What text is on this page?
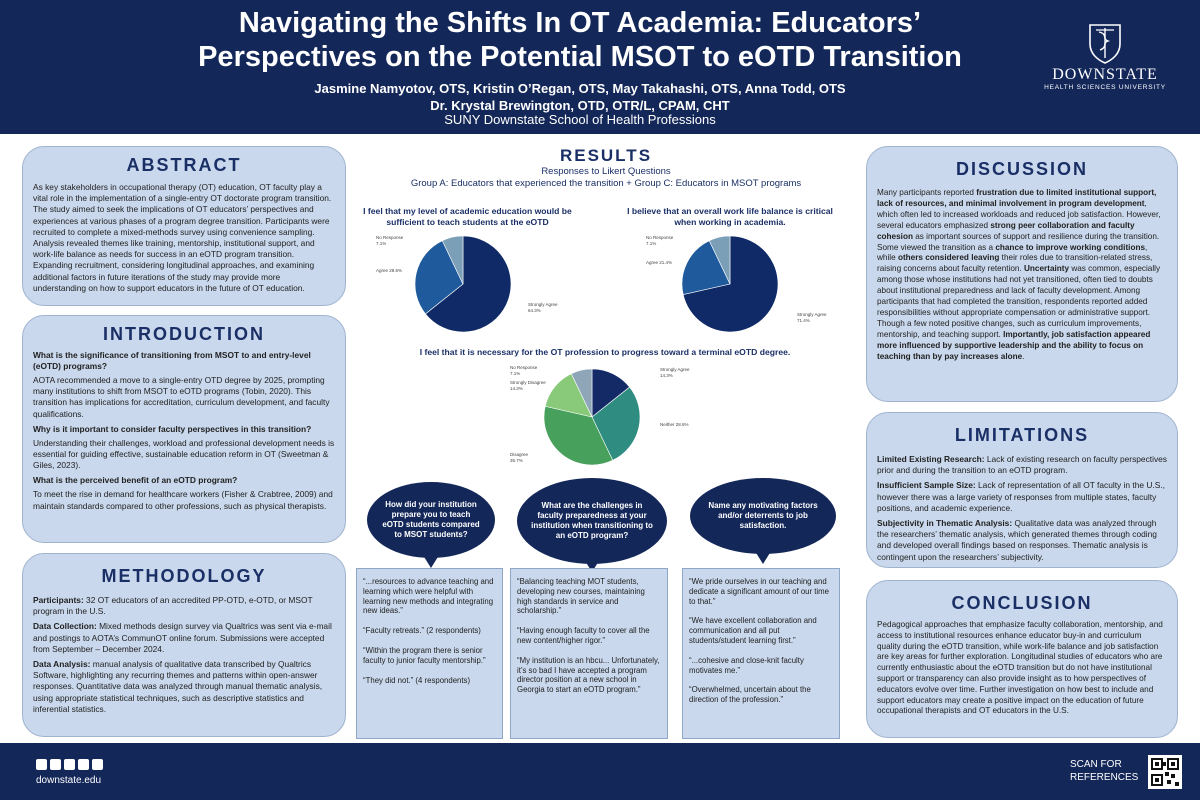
Navigating the Shifts In OT Academia: Educators’
Perspectives on the Potential MSOT to eOTD Transition
Jasmine Namyotov, OTS, Kristin O’Regan, OTS, May Takahashi, OTS, Anna Todd, OTS
Dr. Krystal Brewington, OTD, OTR/L, CPAM, CHT
SUNY Downstate School of Health Professions
DOWNSTATE
HEALTH SCIENCES UNIVERSITY
ABSTRACT
As key stakeholders in occupational therapy (OT) education, OT faculty play a vital role in the implementation of a single-entry OT doctorate program transition. The study aimed to seek the implications of OT educators’ perspectives and experiences at various phases of a program degree transition. Participants were recruited to complete a mixed-methods survey using convenience sampling. Analysis revealed themes like training, mentorship, institutional support, and work-life balance as needs for success in an eOTD program transition. Expanding recruitment, considering longitudinal approaches, and examining additional factors in future iterations of the study may provide more understanding on how to support educators in the future of OT education.
INTRODUCTION
What is the significance of transitioning from MSOT to and entry-level (eOTD) programs?

AOTA recommended a move to a single-entry OTD degree by 2025, prompting many institutions to shift from MSOT to eOTD programs (Tobin, 2020). This transition has implications for accreditation, curriculum development, and faculty qualifications.

Why is it important to consider faculty perspectives in this transition?

Understanding their challenges, workload and professional development needs is essential for guiding effective, sustainable education reform in OT (Sweetman & Giles, 2023).

What is the perceived benefit of an eOTD program?

To meet the rise in demand for healthcare workers (Fisher & Crabtree, 2009) and maintain standards compared to other professions, such as physical therapists.

METHODOLOGY

Participants: 32 OT educators of an accredited PP-OTD, e-OTD, or MSOT program in the U.S.

Data Collection: Mixed methods design survey via Qualtrics was sent via e-mail and postings to AOTA’s CommunOT online forum. Submissions were accepted from September – December 2024.

Data Analysis: manual analysis of qualitative data transcribed by Qualtrics Software, highlighting any recurring themes and patterns within open-answer responses. Quantitative data was analyzed through manual thematic analysis, using appropriate statistical techniques, such as descriptive statistics and inferential statistics.

RESULTS
Responses to Likert Questions
Group A: Educators that experienced the transition + Group C: Educators in MSOT programs
I feel that my level of academic education would be sufficient to teach students at the eOTD
I believe that an overall work life balance is critical when working in academia.
I feel that it is necessary for the OT profession to progress toward a terminal eOTD degree.
No Response 7.1%
Agree 28.6%
Strongly Agree 64.3%
No Response 7.1%
Agree 21.4%
Strongly Agree 71.4%
No Response 7.1%
Strongly Disagree 14.3%
Strongly Agree 14.3%
Neither 28.6%
Disagree 35.7%
How did your institution prepare you to teach eOTD students compared to MSOT students?
What are the challenges in faculty preparedness at your institution when transitioning to an eOTD program?
Name any motivating factors and/or deterrents to job satisfaction.

“...resources to advance teaching and learning which were helpful with learning new methods and integrating new ideas.”

“Faculty retreats.” (2 respondents)

“Within the program there is senior faculty to junior faculty mentorship.”

“They did not.” (4 respondents)

“Balancing teaching MOT students, developing new courses, maintaining high standards in service and scholarship.”

“Having enough faculty to cover all the new content/higher rigor.”

“My institution is an hbcu... Unfortunately, it’s so bad I have accepted a program director position at a new school in Georgia to start an eOTD program.”

“We pride ourselves in our teaching and dedicate a significant amount of our time to that.”

“We have excellent collaboration and communication and all put students/student learning first.”

“...cohesive and close-knit faculty motivates me.”

“Overwhelmed, uncertain about the direction of the profession.”

DISCUSSION
Many participants reported frustration due to limited institutional support, lack of resources, and minimal involvement in program development, which often led to increased workloads and reduced job satisfaction. However, several educators emphasized strong peer collaboration and faculty cohesion as important sources of support and resilience during the transition. Some viewed the transition as a chance to improve working conditions, while others considered leaving their roles due to transition-related stress, raising concerns about faculty retention. Uncertainty was common, especially among those whose institutions had not yet transitioned, often tied to doubts about institutional preparedness and lack of faculty development. Among participants that had completed the transition, respondents reported added responsibilities without appropriate compensation or administrative support. Though a few noted positive changes, such as curriculum improvements, mentorship, and teaching support. Importantly, job satisfaction appeared more influenced by supportive leadership and the ability to focus on teaching than by pay increases alone.
LIMITATIONS

Limited Existing Research: Lack of existing research on faculty perspectives prior and during the transition to an eOTD program.

Insufficient Sample Size: Lack of representation of all OT faculty in the U.S., however there was a large variety of responses from multiple states, faculty positions, and academic experience.

Subjectivity in Thematic Analysis: Qualitative data was analyzed through the researchers’ thematic analysis, which generated themes through coding and developed overall findings based on responses. Thematic analysis is contingent upon the researchers’ subjectivity.

CONCLUSION
Pedagogical approaches that emphasize faculty collaboration, mentorship, and access to institutional resources enhance educator buy-in and curriculum quality during the eOTD transition, while work-life balance and job satisfaction are key areas for further exploration. Longitudinal studies of educators who are currently enthusiastic about the eOTD transition but do not have institutional support or transparency can also provide insight as to how perspectives of educators evolve over time. Further investigation on how best to include and support educators may create a positive impact on the education of future occupational therapists and OT educators in the U.S.
downstate.edu
SCAN FOR
REFERENCES
